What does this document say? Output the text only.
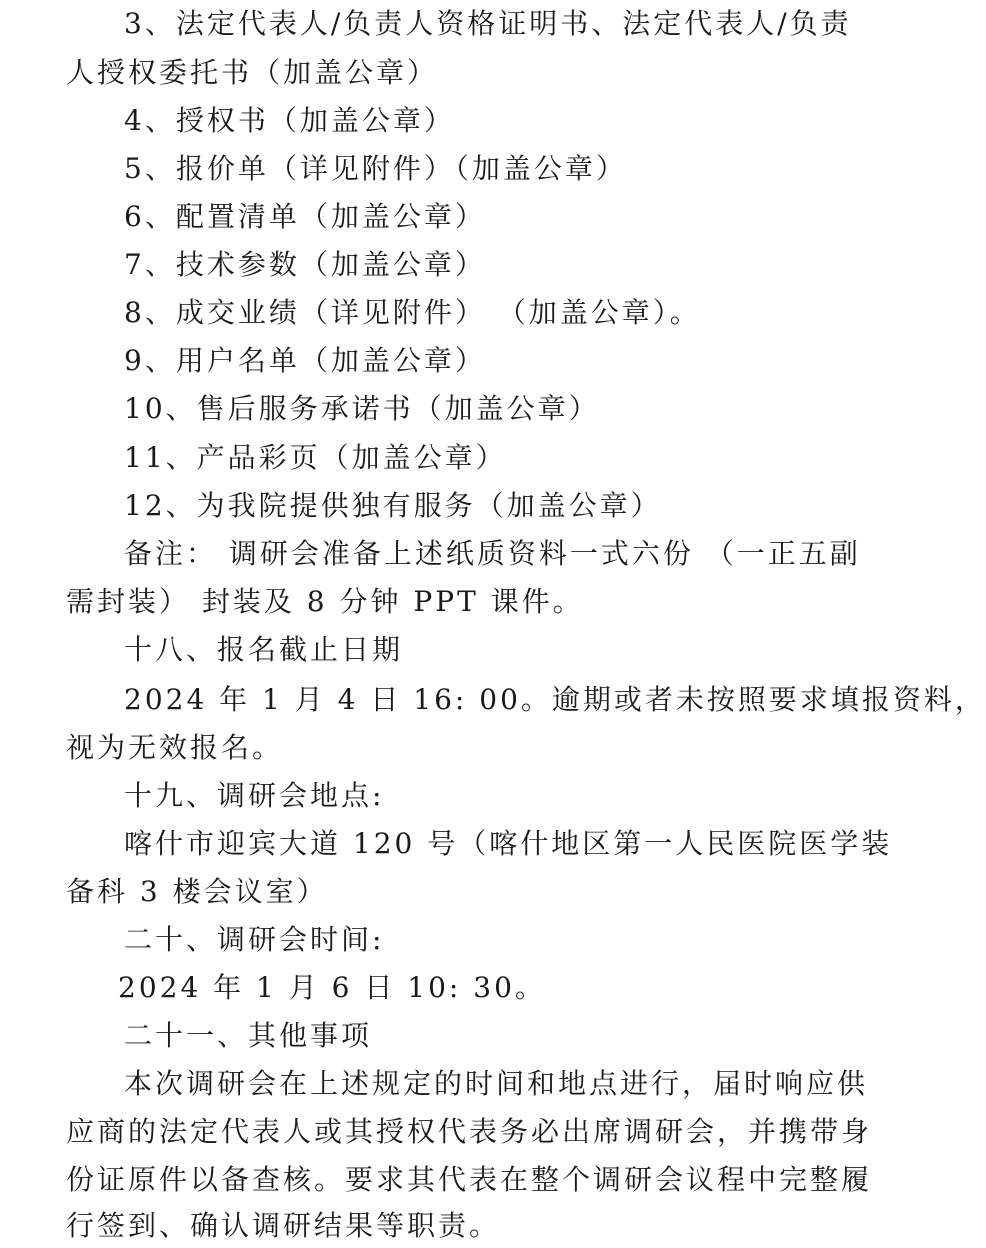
3、法定代表人/负责人资格证明书、法定代表人/负责
人授权委托书（加盖公章）
4、授权书（加盖公章）
5、报价单（详见附件）（加盖公章）
6、配置清单（加盖公章）
7、技术参数（加盖公章）
8、成交业绩（详见附件） （加盖公章）。
9、用户名单（加盖公章）
10、售后服务承诺书（加盖公章）
11、产品彩页（加盖公章）
12、为我院提供独有服务（加盖公章）
备注： 调研会准备上述纸质资料一式六份 （一正五副
需封装） 封装及 8 分钟 PPT 课件。
十八、报名截止日期
2024 年 1 月 4 日 16: 00。逾期或者未按照要求填报资料，
视为无效报名。
十九、调研会地点:
喀什市迎宾大道 120 号（喀什地区第一人民医院医学装
备科 3 楼会议室）
二十、调研会时间:
2024 年 1 月 6 日 10: 30。
二十一、其他事项
本次调研会在上述规定的时间和地点进行，届时响应供
应商的法定代表人或其授权代表务必出席调研会，并携带身
份证原件以备查核。要求其代表在整个调研会议程中完整履
行签到、确认调研结果等职责。
